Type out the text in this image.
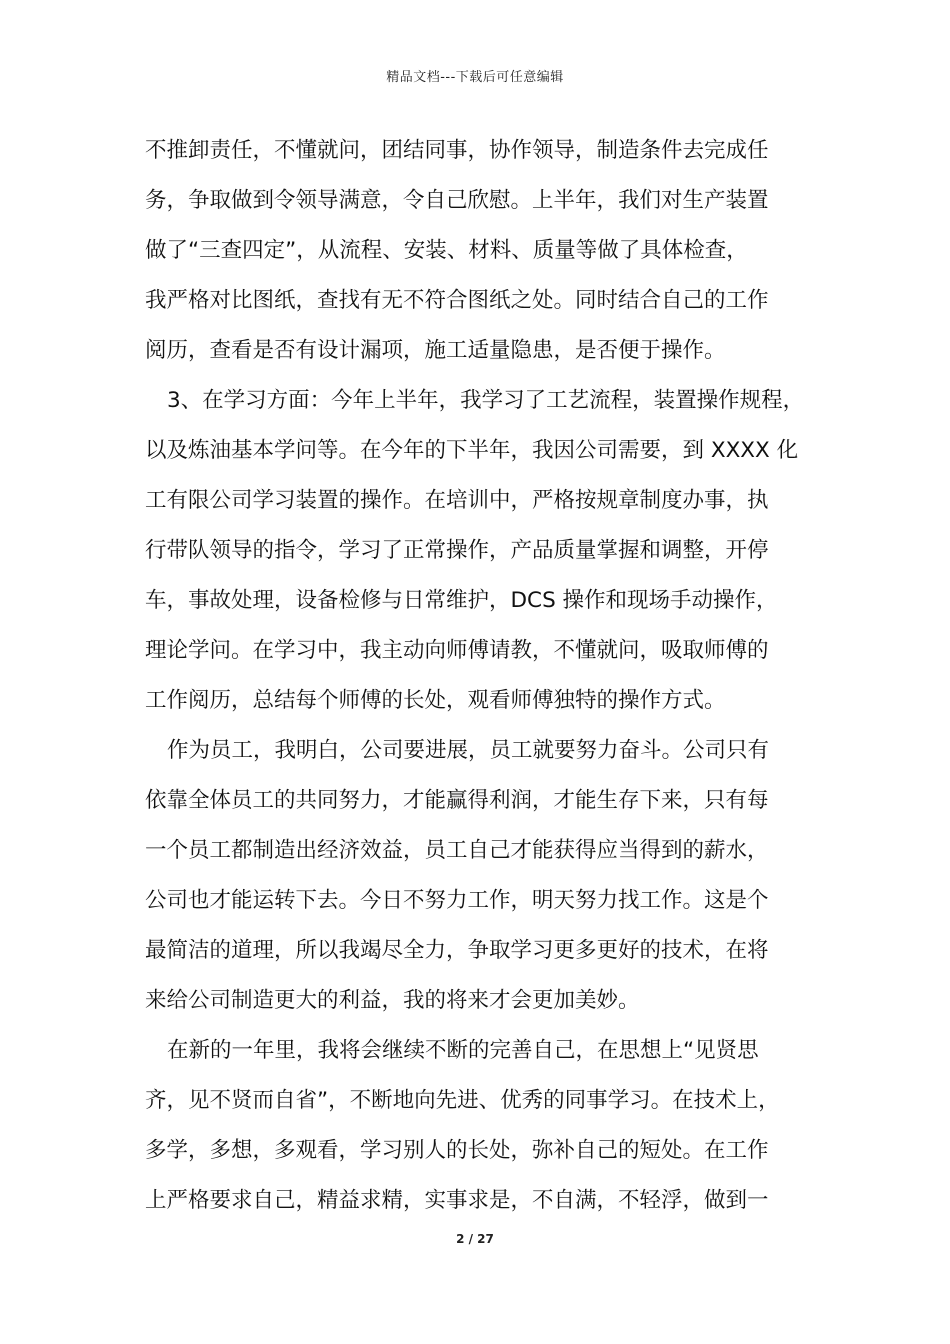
精品文档---下载后可任意编辑
不推卸责任，不懂就问，团结同事，协作领导，制造条件去完成任
务，争取做到令领导满意，令自己欣慰。上半年，我们对生产装置
做了“三查四定”，从流程、安装、材料、质量等做了具体检查，
我严格对比图纸，查找有无不符合图纸之处。同时结合自己的工作
阅历，查看是否有设计漏项，施工适量隐患，是否便于操作。
3、在学习方面：今年上半年，我学习了工艺流程，装置操作规程，
以及炼油基本学问等。在今年的下半年，我因公司需要，到 XXXX 化
工有限公司学习装置的操作。在培训中，严格按规章制度办事，执
行带队领导的指令，学习了正常操作，产品质量掌握和调整，开停
车，事故处理，设备检修与日常维护，DCS 操作和现场手动操作，
理论学问。在学习中，我主动向师傅请教，不懂就问，吸取师傅的
工作阅历，总结每个师傅的长处，观看师傅独特的操作方式。
作为员工，我明白，公司要进展，员工就要努力奋斗。公司只有
依靠全体员工的共同努力，才能赢得利润，才能生存下来，只有每
一个员工都制造出经济效益，员工自己才能获得应当得到的薪水，
公司也才能运转下去。今日不努力工作，明天努力找工作。这是个
最简洁的道理，所以我竭尽全力，争取学习更多更好的技术，在将
来给公司制造更大的利益，我的将来才会更加美妙。
在新的一年里，我将会继续不断的完善自己，在思想上“见贤思
齐，见不贤而自省”，不断地向先进、优秀的同事学习。在技术上，
多学，多想，多观看，学习别人的长处，弥补自己的短处。在工作
上严格要求自己，精益求精，实事求是，不自满，不轻浮，做到一
2 / 27
